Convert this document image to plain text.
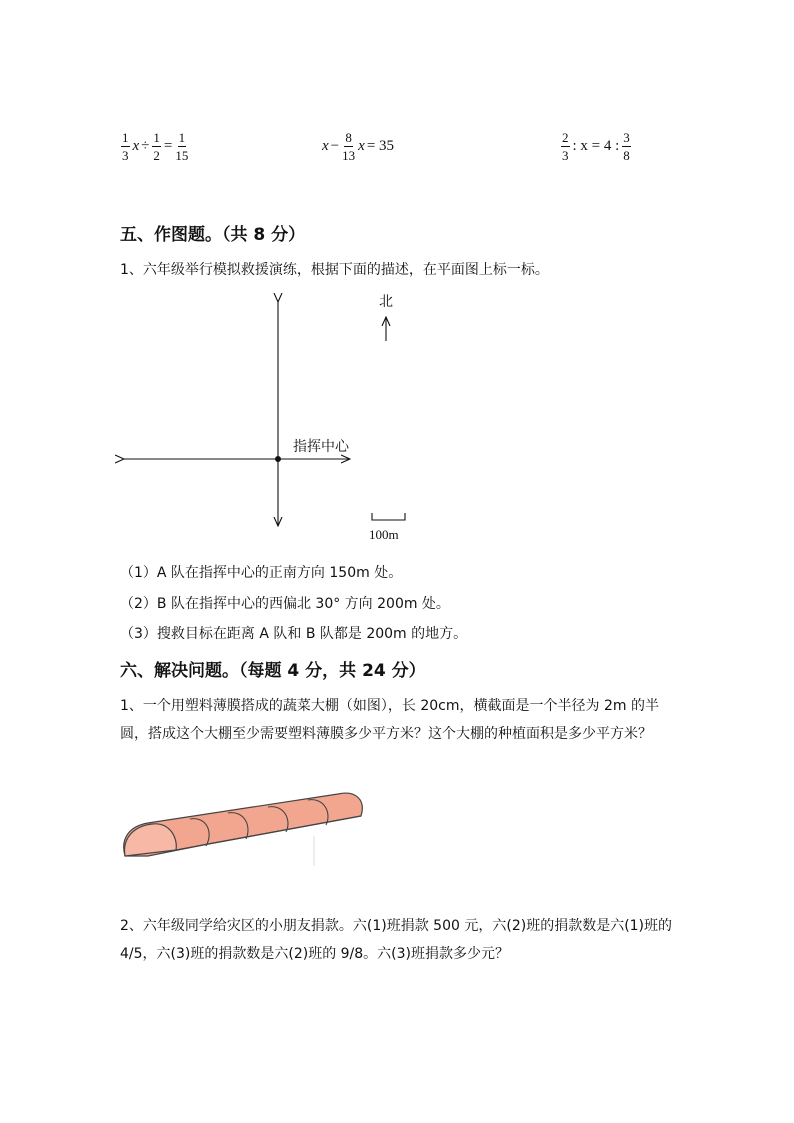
$\frac{1}{3}$ $x \div \frac{1}{2} = \frac{1}{15}$	$x - \frac{8}{13}$ x = 35	$\frac{2}{3}$ : x = 4 : $\frac{3}{8}$
五、作图题。（共 8 分）
1、六年级举行模拟救援演练，根据下面的描述，在平面图上标一标。
北
指挥中心
100m
（1）A 队在指挥中心的正南方向 150m 处。
（2）B 队在指挥中心的西偏北 30° 方向 200m 处。
（3）搜救目标在距离 A 队和 B 队都是 200m 的地方。
六、解决问题。（每题 4 分，共 24 分）
1、一个用塑料薄膜搭成的蔬菜大棚（如图），长 20cm，横截面是一个半径为 2m 的半圆，搭成这个大棚至少需要塑料薄膜多少平方米？这个大棚的种植面积是多少平方米？
2、六年级同学给灾区的小朋友捐款。六(1)班捐款 500 元，六(2)班的捐款数是六(1)班的 4/5，六(3)班的捐款数是六(2)班的 9/8。六(3)班捐款多少元？
